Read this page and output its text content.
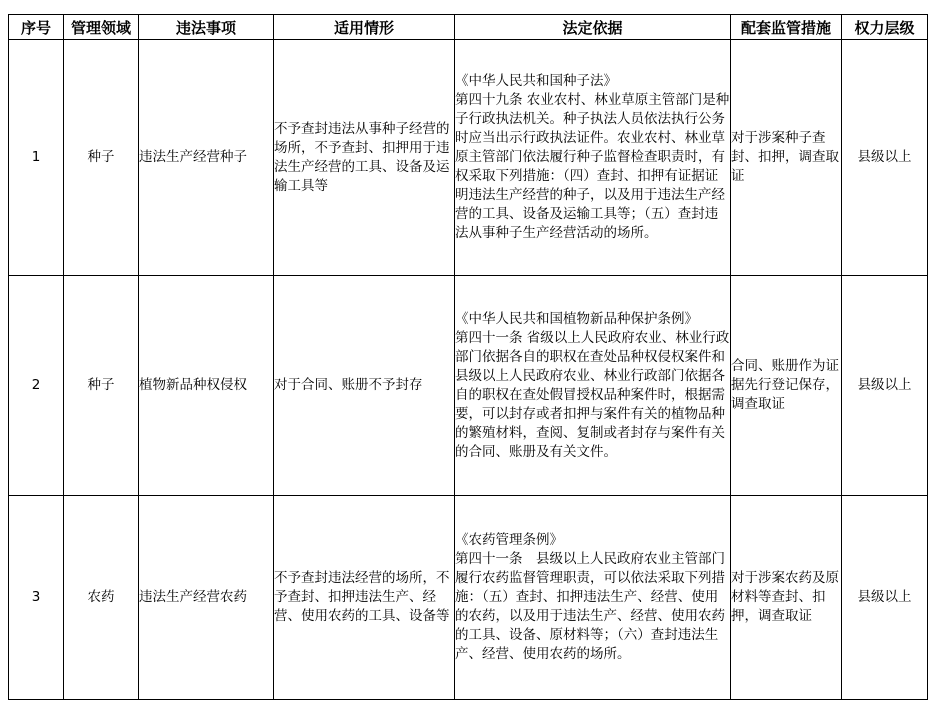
序号	管理领域	违法事项	适用情形	法定依据	配套监管措施	权力层级
1	种子	违法生产经营种子	不予查封违法从事种子经营的场所，不予查封、扣押用于违法生产经营的工具、设备及运输工具等	《中华人民共和国种子法》
第四十九条 农业农村、林业草原主管部门是种子行政执法机关。种子执法人员依法执行公务时应当出示行政执法证件。农业农村、林业草原主管部门依法履行种子监督检查职责时，有权采取下列措施：（四）查封、扣押有证据证明违法生产经营的种子，以及用于违法生产经营的工具、设备及运输工具等；（五）查封违法从事种子生产经营活动的场所。	对于涉案种子查封、扣押，调查取证	县级以上
2	种子	植物新品种权侵权	对于合同、账册不予封存	《中华人民共和国植物新品种保护条例》
第四十一条 省级以上人民政府农业、林业行政部门依据各自的职权在查处品种权侵权案件和县级以上人民政府农业、林业行政部门依据各自的职权在查处假冒授权品种案件时，根据需要，可以封存或者扣押与案件有关的植物品种的繁殖材料，查阅、复制或者封存与案件有关的合同、账册及有关文件。	合同、账册作为证据先行登记保存，调查取证	县级以上
3	农药	违法生产经营农药	不予查封违法经营的场所，不予查封、扣押违法生产、经营、使用农药的工具、设备等	《农药管理条例》
第四十一条　县级以上人民政府农业主管部门履行农药监督管理职责，可以依法采取下列措施：（五）查封、扣押违法生产、经营、使用的农药，以及用于违法生产、经营、使用农药的工具、设备、原材料等；（六）查封违法生产、经营、使用农药的场所。	对于涉案农药及原材料等查封、扣押，调查取证	县级以上
